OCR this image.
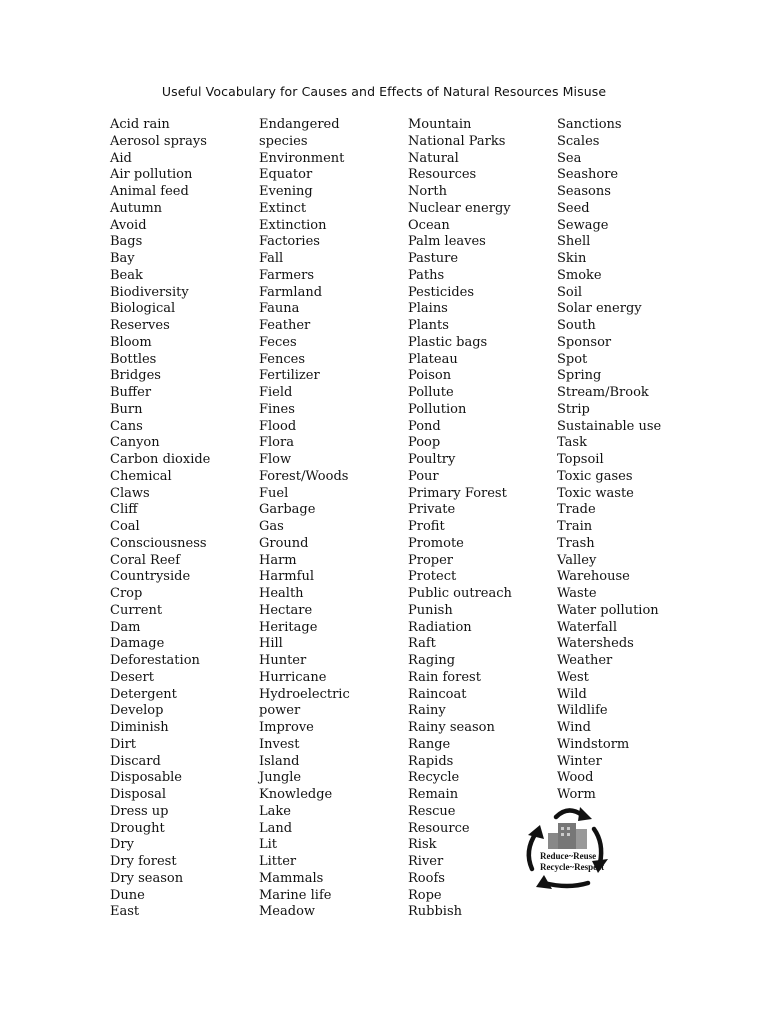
Useful Vocabulary for Causes and Effects of Natural Resources Misuse
Acid rain
Aerosol sprays
Aid
Air pollution
Animal feed
Autumn
Avoid
Bags
Bay
Beak
Biodiversity
Biological
Reserves
Bloom
Bottles
Bridges
Buffer
Burn
Cans
Canyon
Carbon dioxide
Chemical
Claws
Cliff
Coal
Consciousness
Coral Reef
Countryside
Crop
Current
Dam
Damage
Deforestation
Desert
Detergent
Develop
Diminish
Dirt
Discard
Disposable
Disposal
Dress up
Drought
Dry
Dry forest
Dry season
Dune
East
Endangered
species
Environment
Equator
Evening
Extinct
Extinction
Factories
Fall
Farmers
Farmland
Fauna
Feather
Feces
Fences
Fertilizer
Field
Fines
Flood
Flora
Flow
Forest/Woods
Fuel
Garbage
Gas
Ground
Harm
Harmful
Health
Hectare
Heritage
Hill
Hunter
Hurricane
Hydroelectric
power
Improve
Invest
Island
Jungle
Knowledge
Lake
Land
Lit
Litter
Mammals
Marine life
Meadow
Mountain
National Parks
Natural
Resources
North
Nuclear energy
Ocean
Palm leaves
Pasture
Paths
Pesticides
Plains
Plants
Plastic bags
Plateau
Poison
Pollute
Pollution
Pond
Poop
Poultry
Pour
Primary Forest
Private
Profit
Promote
Proper
Protect
Public outreach
Punish
Radiation
Raft
Raging
Rain forest
Raincoat
Rainy
Rainy season
Range
Rapids
Recycle
Remain
Rescue
Resource
Risk
River
Roofs
Rope
Rubbish
Sanctions
Scales
Sea
Seashore
Seasons
Seed
Sewage
Shell
Skin
Smoke
Soil
Solar energy
South
Sponsor
Spot
Spring
Stream/Brook
Strip
Sustainable use
Task
Topsoil
Toxic gases
Toxic waste
Trade
Train
Trash
Valley
Warehouse
Waste
Water pollution
Waterfall
Watersheds
Weather
West
Wild
Wildlife
Wind
Windstorm
Winter
Wood
Worm
Reduce~Reuse
Recycle~Respect
